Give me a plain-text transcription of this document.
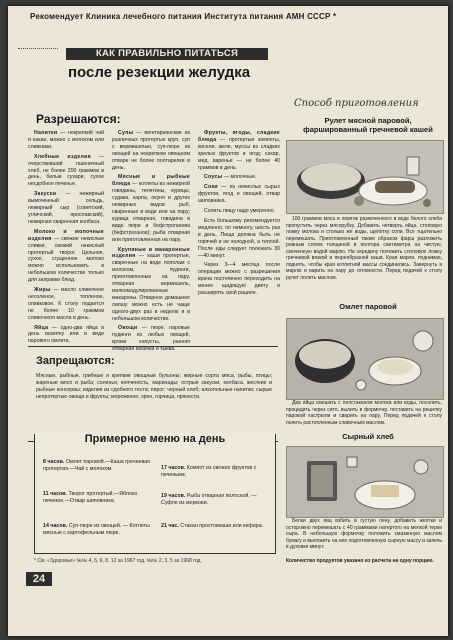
Рекомендует Клиника лечебного питания Института питания АМН СССР *
КАК ПРАВИЛЬНО ПИТАТЬСЯ
после резекции желудка
Разрешаются:

Напитки — некрепкий чай и какао, можно с молоком или сливками.

Хлебные изделия — очерствевший пшеничный хлеб, не более 200 граммов в день, белые сухари, сухое несдобное печенье.

Закуски — нежирный вымоченный сельдь, нежирный сыр (советский, угличский, ярославский), нежирная сваренная колбаса.

Молоко и молочные изделия — свежие некислые сливки, свежий некислый протертый творог. Цельное, сухое, сгущенное молоко можно использовать в небольшом количестве только для заправки блюд.

Жиры — масло сливочное несоленое, топленое, оливковое. К столу подается не более 10 граммов сливочного масла в день.

Яйца — одно-два яйца в день всмятку или в виде парового омлета.

Супы — вегетарианские из различных протертых круп, суп с вермишелью, суп-пюре из овощей на некрепком овощном отваре не более полтарелки в день.

Мясные и рыбные блюда — котлеты из нежирной говядины, телятины, курицы, судака, карпа, окуня и других нежирных видов рыб, сваренные в воде или на пару; курица отварная, говядина в виде пюре и бефстроганова (бефстроганов); рыба отварная или приготовленная на пару.

Крупяные и макаронные изделия — каши протертые, сваренные на воде пополам с молоком, пудинги, приготовленные на пару, отварная вермишель, мелкомодулированные макароны. Отварное домашнее лапшу можно есть не чаще одного-двух раз в неделю и в небольшом количестве.

Овощи — пюре, паровые пудинги из любых овощей, кроме капусты, ранняя отварная кабачки и тыква.

Фрукты, ягоды, сладкие блюда — протертые компоты, кисели, желе, муссы из сладких зрелых фруктов и ягод; сахар, мед, варенье — не более 40 граммов в день.

Соусы — молочные.

Соки — из некислых сырых фруктов, ягод и овощей, отвар шиповника.

Солить пищу надо умеренно.

Есть большому рекомендуется медленно, по немногу, шесть раз в день. Пища должна быть не горячей и не холодной, а теплой. После еды следует полежать 30—40 минут.

Через 3—4 месяца после операции можно с разрешения врача постепенно переходить на менее щадящую диету и расширять свой рацион.

Запрещаются:
Мясные, рыбные, грибные и крепкие овощные бульоны; жирные сорта мяса, рыбы, птицы; жареные мясо и рыба; соленья, копченость, маринады; острые закуски, колбаса, жесткие и рыбные консервы; изделия из сдобного теста; пирог; черный хлеб; алкогольные напитки; сырые непротертые овощи и фрукты; мороженое; хрен, горчица, прянести.
Примерное меню на день
8 часов. Омлет паровой.—Каша гречневая протертая.—Чай с молоком.
11 часов. Творог протертый.—Яблоко печеное.—Отвар шиповника.
14 часов. Суп-пюре из овощей. — Котлеты мясные с картофельным пюре.
17 часов. Компот из свежих фруктов с печеньем.
19 часов. Рыба отварная полоской. — Суфле из моркови.
21 час. Стакан простокваши или кефира.
* См. «Здоровье» №№ 4, 5, 6, 8, 12 за 1967 год, №№ 2, 3, 5 за 1968 год.
24
Способ приготовления
Рулет мясной паровой, фаршированный гречневой кашей

100 граммов мяса и ломтик размоченного в воде белого хлеба пропустить через мясорубку. Добавить четверть яйца, столовую ложку молока и столько же воды, щепотку соли. Все тщательно перемешать. Приготовленный таким образом фарш разложить ровным слоем толщиной в полтора сантиметра на чистую, смоченную водой марлю. На середину положить столовую ложку гречневой вязкой и пюреобразной каши. Края марли, поднимая, поднять, чтобы края котлетной массы соединились. Завернуть в марлю и варить на пару до готовности. Перед подачей к столу рулет полить маслом.

Омлет паровой

Два яйца смешать с полстаканом молока или воды, посолить, процедить через сито, вылить в формочку, поставить на решетку паровой кастрюли и сварить на пару. Перед подачей к столу полить растопленным сливочным маслом.

Сырный хлеб

Белки двух яиц взбить в густую пену, добавить желтки и осторожно перемешать с 40 граммами натертого на мелкой терке сыра. В небольшую формочку положить смазанную маслом бумагу и выложить на нее подготовленную сырную массу и запечь в духовке минут.

Количество продуктов указано из расчета на одну порцию.
